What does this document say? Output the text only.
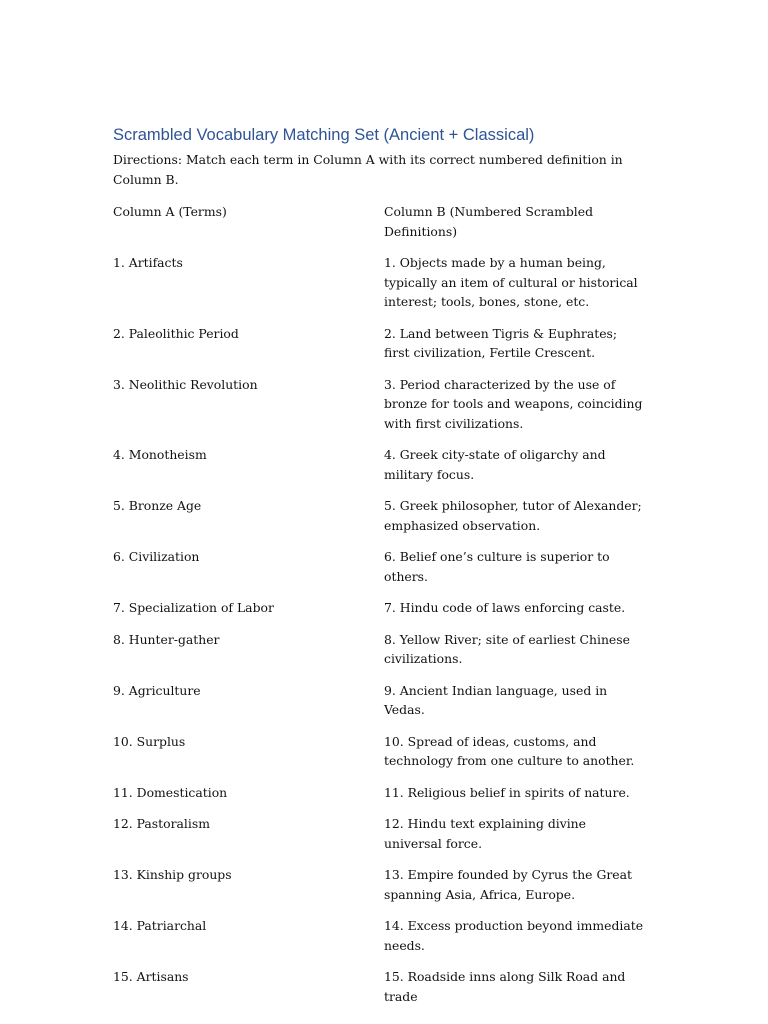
Scrambled Vocabulary Matching Set (Ancient + Classical)

Directions: Match each term in Column A with its correct numbered definition in Column B.

Column A (Terms)	Column B (Numbered Scrambled Definitions)
1. Artifacts	1. Objects made by a human being, typically an item of cultural or historical interest; tools, bones, stone, etc.
2. Paleolithic Period	2. Land between Tigris & Euphrates; first civilization, Fertile Crescent.
3. Neolithic Revolution	3. Period characterized by the use of bronze for tools and weapons, coinciding with first civilizations.
4. Monotheism	4. Greek city-state of oligarchy and military focus.
5. Bronze Age	5. Greek philosopher, tutor of Alexander; emphasized observation.
6. Civilization	6. Belief one’s culture is superior to others.
7. Specialization of Labor	7. Hindu code of laws enforcing caste.
8. Hunter-gather	8. Yellow River; site of earliest Chinese civilizations.
9. Agriculture	9. Ancient Indian language, used in Vedas.
10. Surplus	10. Spread of ideas, customs, and technology from one culture to another.
11. Domestication	11. Religious belief in spirits of nature.
12. Pastoralism	12. Hindu text explaining divine universal force.
13. Kinship groups	13. Empire founded by Cyrus the Great spanning Asia, Africa, Europe.
14. Patriarchal	14. Excess production beyond immediate needs.
15. Artisans	15. Roadside inns along Silk Road and trade
